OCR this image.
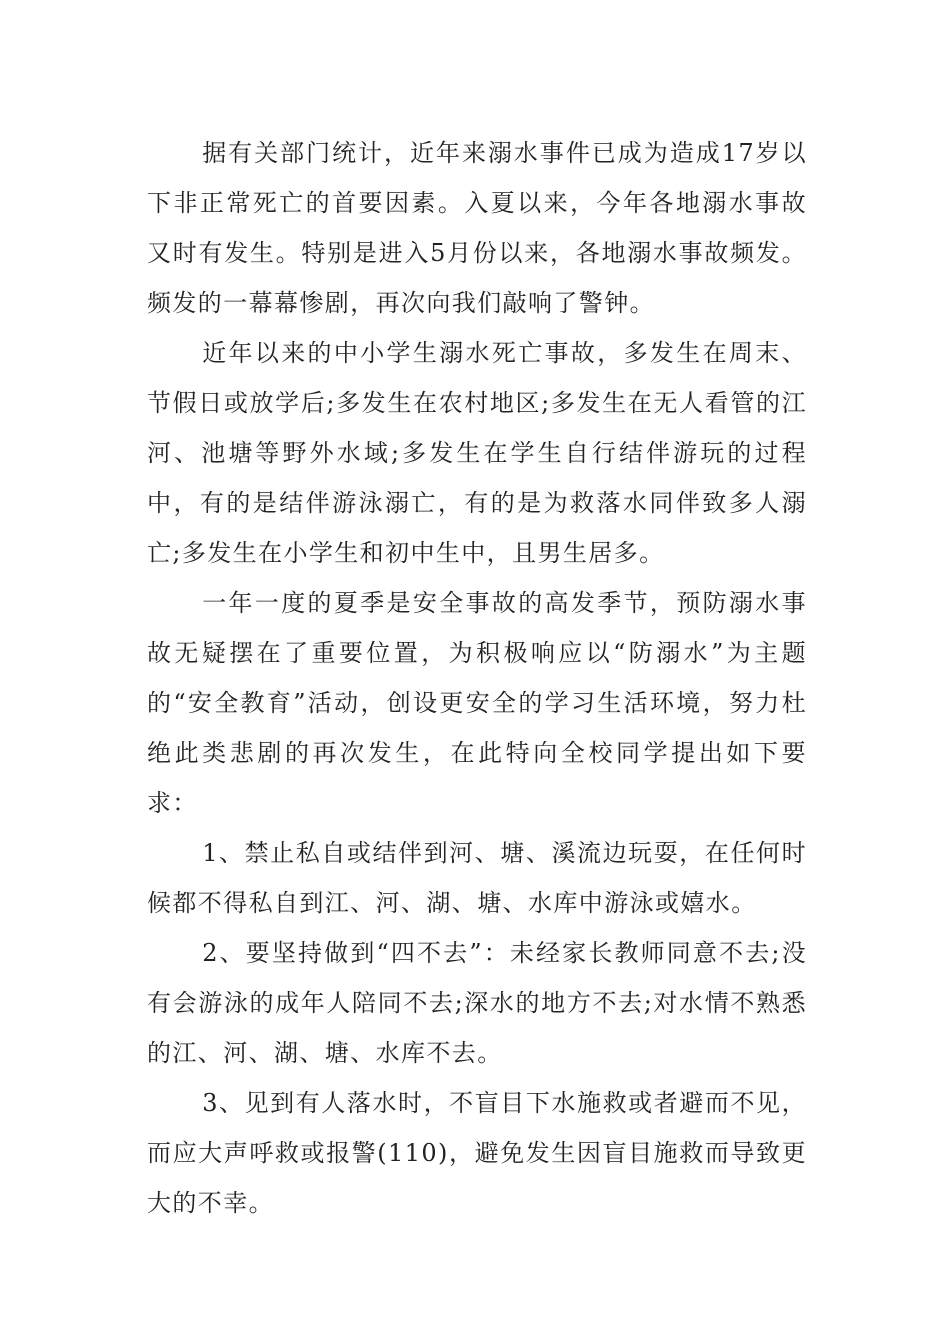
据有关部门统计，近年来溺水事件已成为造成17岁以下非正常死亡的首要因素。入夏以来，今年各地溺水事故又时有发生。特别是进入5月份以来，各地溺水事故频发。频发的一幕幕惨剧，再次向我们敲响了警钟。

近年以来的中小学生溺水死亡事故，多发生在周末、节假日或放学后;多发生在农村地区;多发生在无人看管的江河、池塘等野外水域;多发生在学生自行结伴游玩的过程中，有的是结伴游泳溺亡，有的是为救落水同伴致多人溺亡;多发生在小学生和初中生中，且男生居多。

一年一度的夏季是安全事故的高发季节，预防溺水事故无疑摆在了重要位置，为积极响应以“防溺水”为主题的“安全教育”活动，创设更安全的学习生活环境，努力杜绝此类悲剧的再次发生，在此特向全校同学提出如下要求：

1、禁止私自或结伴到河、塘、溪流边玩耍，在任何时候都不得私自到江、河、湖、塘、水库中游泳或嬉水。

2、要坚持做到“四不去”：未经家长教师同意不去;没有会游泳的成年人陪同不去;深水的地方不去;对水情不熟悉的江、河、湖、塘、水库不去。

3、见到有人落水时，不盲目下水施救或者避而不见，而应大声呼救或报警(110)，避免发生因盲目施救而导致更大的不幸。
